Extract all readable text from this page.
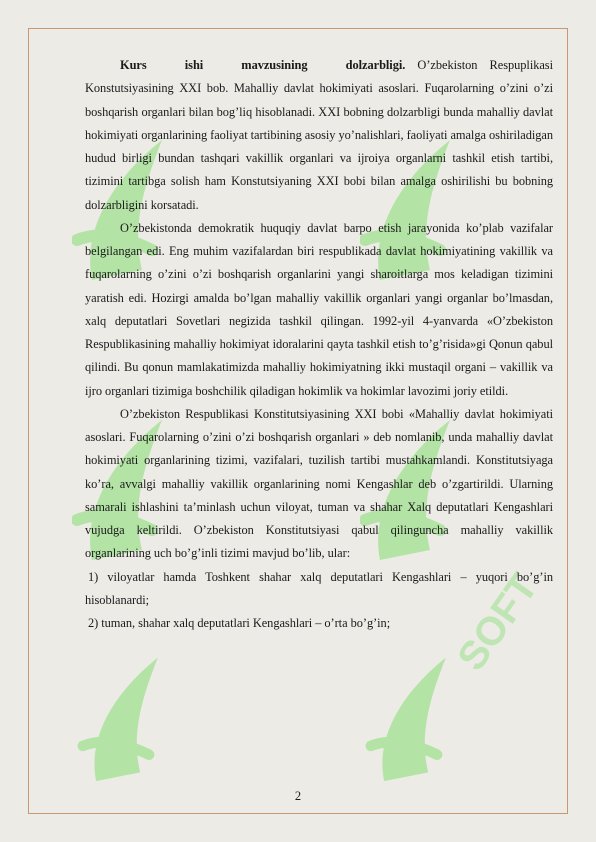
SOFT

Kurs ishi mavzusining dolzarbligi. O’zbekiston Respuplikasi Konstutsiyasining XXI bob. Mahalliy davlat hokimiyati asoslari. Fuqarolarning o’zini o’zi boshqarish organlari bilan bog’liq hisoblanadi. XXI bobning dolzarbligi bunda mahalliy davlat hokimiyati organlarining faoliyat tartibining asosiy yo’nalishlari, faoliyati amalga oshiriladigan hudud birligi bundan tashqari vakillik organlari va ijroiya organlarni tashkil etish tartibi, tizimini tartibga solish ham Konstutsiyaning XXI bobi bilan amalga oshirilishi bu bobning dolzarbligini korsatadi.

O’zbekistonda demokratik huquqiy davlat barpo etish jarayonida ko’plab vazifalar belgilangan edi. Eng muhim vazifalardan biri respublikada davlat hokimiyatining vakillik va fuqarolarning o’zini o’zi boshqarish organlarini yangi sharoitlarga mos keladigan tizimini yaratish edi. Hozirgi amalda bo’lgan mahalliy vakillik organlari yangi organlar bo’lmasdan, xalq deputatlari Sovetlari negizida tashkil qilingan. 1992-yil 4-yanvarda «O’zbekiston Respublikasining mahalliy hokimiyat idoralarini qayta tashkil etish to’g’risida»gi Qonun qabul qilindi. Bu qonun mamlakatimizda mahalliy hokimiyatning ikki mustaqil organi – vakillik va ijro organlari tizimiga boshchilik qiladigan hokimlik va hokimlar lavozimi joriy etildi.

O’zbekiston Respublikasi Konstitutsiyasining XXI bobi «Mahalliy davlat hokimiyati asoslari. Fuqarolarning o’zini o’zi boshqarish organlari » deb nomlanib, unda mahalliy davlat hokimiyati organlarining tizimi, vazifalari, tuzilish tartibi mustahkamlandi. Konstitutsiyaga ko’ra, avvalgi mahalliy vakillik organlarining nomi Kengashlar deb o’zgartirildi. Ularning samarali ishlashini ta’minlash uchun viloyat, tuman va shahar Xalq deputatlari Kengashlari vujudga keltirildi. O’zbekiston Konstitutsiyasi qabul qilinguncha mahalliy vakillik organlarining uch bo’g’inli tizimi mavjud bo’lib, ular:

1) viloyatlar hamda Toshkent shahar xalq deputatlari Kengashlari – yuqori bo’g’in hisoblanardi;

2) tuman, shahar xalq deputatlari Kengashlari – o’rta bo’g’in;

2
